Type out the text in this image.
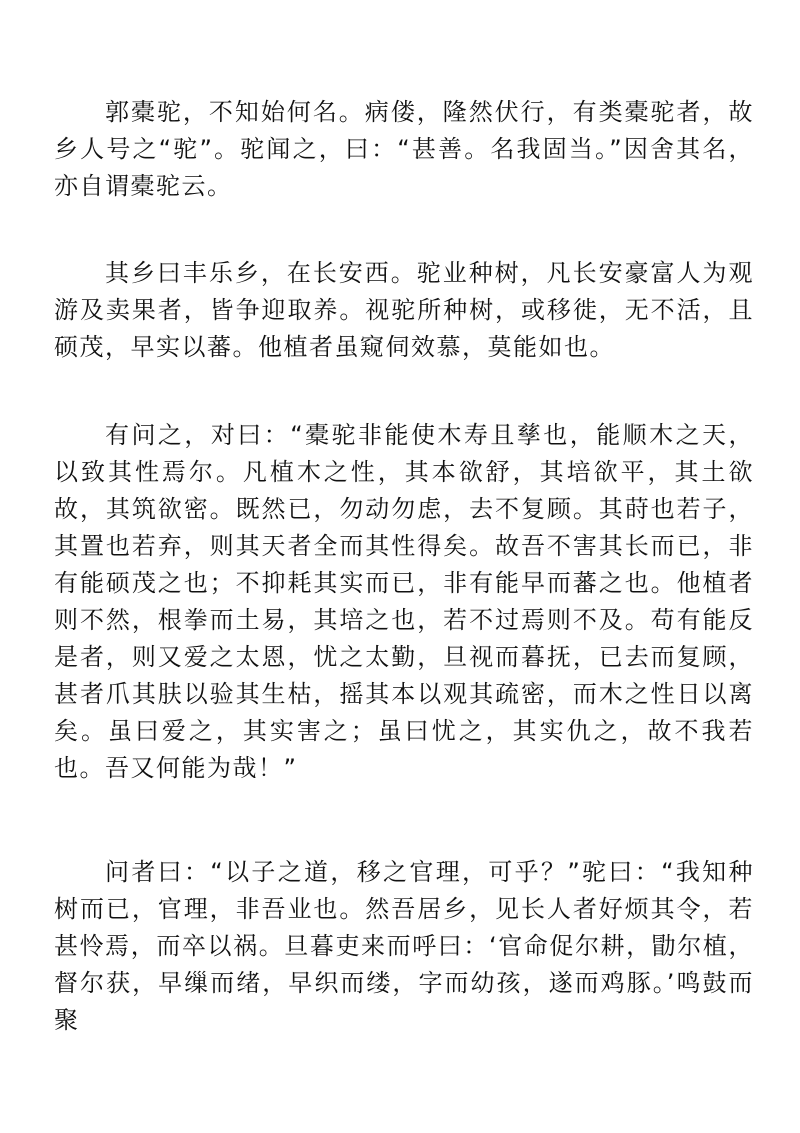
郭橐驼，不知始何名。病偻，隆然伏行，有类橐驼者，故乡人号之“驼”。驼闻之，曰：“甚善。名我固当。”因舍其名，亦自谓橐驼云。

其乡曰丰乐乡，在长安西。驼业种树，凡长安豪富人为观游及卖果者，皆争迎取养。视驼所种树，或移徙，无不活，且硕茂，早实以蕃。他植者虽窥伺效慕，莫能如也。

有问之，对曰：“橐驼非能使木寿且孳也，能顺木之天，以致其性焉尔。凡植木之性，其本欲舒，其培欲平，其土欲故，其筑欲密。既然已，勿动勿虑，去不复顾。其莳也若子，其置也若弃，则其天者全而其性得矣。故吾不害其长而已，非有能硕茂之也；不抑耗其实而已，非有能早而蕃之也。他植者则不然，根拳而土易，其培之也，若不过焉则不及。苟有能反是者，则又爱之太恩，忧之太勤，旦视而暮抚，已去而复顾，甚者爪其肤以验其生枯，摇其本以观其疏密，而木之性日以离矣。虽曰爱之，其实害之；虽曰忧之，其实仇之，故不我若也。吾又何能为哉！”

问者曰：“以子之道，移之官理，可乎？”驼曰：“我知种树而已，官理，非吾业也。然吾居乡，见长人者好烦其令，若甚怜焉，而卒以祸。旦暮吏来而呼曰：‘官命促尔耕，勖尔植，督尔获，早缫而绪，早织而缕，字而幼孩，遂而鸡豚。’鸣鼓而聚
